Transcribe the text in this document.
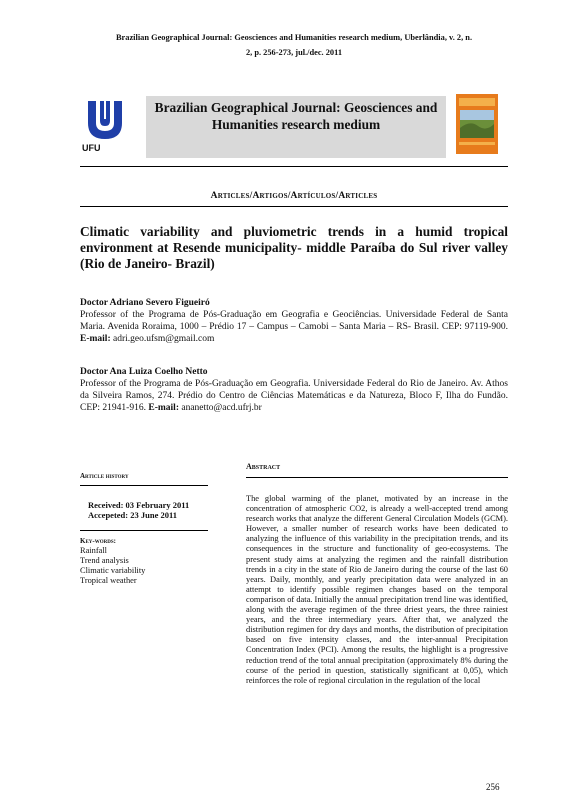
Brazilian Geographical Journal: Geosciences and Humanities research medium, Uberlândia, v. 2, n.
2, p. 256-273, jul./dec. 2011
UFU
Brazilian Geographical Journal: Geosciences and Humanities research medium
Articles/Artigos/Artículos/Articles
Climatic variability and pluviometric trends in a humid tropical environment at Resende municipality- middle Paraíba do Sul river valley (Rio de Janeiro- Brazil)
Doctor Adriano Severo Figueiró
Professor of the Programa de Pós-Graduação em Geografia e Geociências. Universidade Federal de Santa Maria. Avenida Roraima, 1000 – Prédio 17 – Campus – Camobi – Santa Maria – RS- Brasil. CEP: 97119-900. E-mail: adri.geo.ufsm@gmail.com
Doctor Ana Luiza Coelho Netto
Professor of the Programa de Pós-Graduação em Geografia. Universidade Federal do Rio de Janeiro. Av. Athos da Silveira Ramos, 274. Prédio do Centro de Ciências Matemáticas e da Natureza, Bloco F, Ilha do Fundão. CEP: 21941-916. E-mail: ananetto@acd.ufrj.br
Article history
Received: 03 February 2011
Accepeted: 23 June 2011
Key-words:
Rainfall
Trend analysis
Climatic variability
Tropical weather
Abstract
The global warming of the planet, motivated by an increase in the concentration of atmospheric CO2, is already a well-accepted trend among research works that analyze the different General Circulation Models (GCM). However, a smaller number of research works have been dedicated to analyzing the influence of this variability in the precipitation trends, and its consequences in the structure and functionality of geo-ecosystems. The present study aims at analyzing the regimen and the rainfall distribution trends in a city in the state of Rio de Janeiro during the course of the last 60 years. Daily, monthly, and yearly precipitation data were analyzed in an attempt to identify possible regimen changes based on the temporal comparison of data. Initially the annual precipitation trend line was identified, along with the average regimen of the three driest years, the three rainiest years, and the three intermediary years. After that, we analyzed the distribution regimen for dry days and months, the distribution of precipitation based on five intensity classes, and the inter-annual Precipitation Concentration Index (PCI). Among the results, the highlight is a progressive reduction trend of the total annual precipitation (approximately 8% during the course of the period in question, statistically significant at 0,05), which reinforces the role of regional circulation in the regulation of the local
256
